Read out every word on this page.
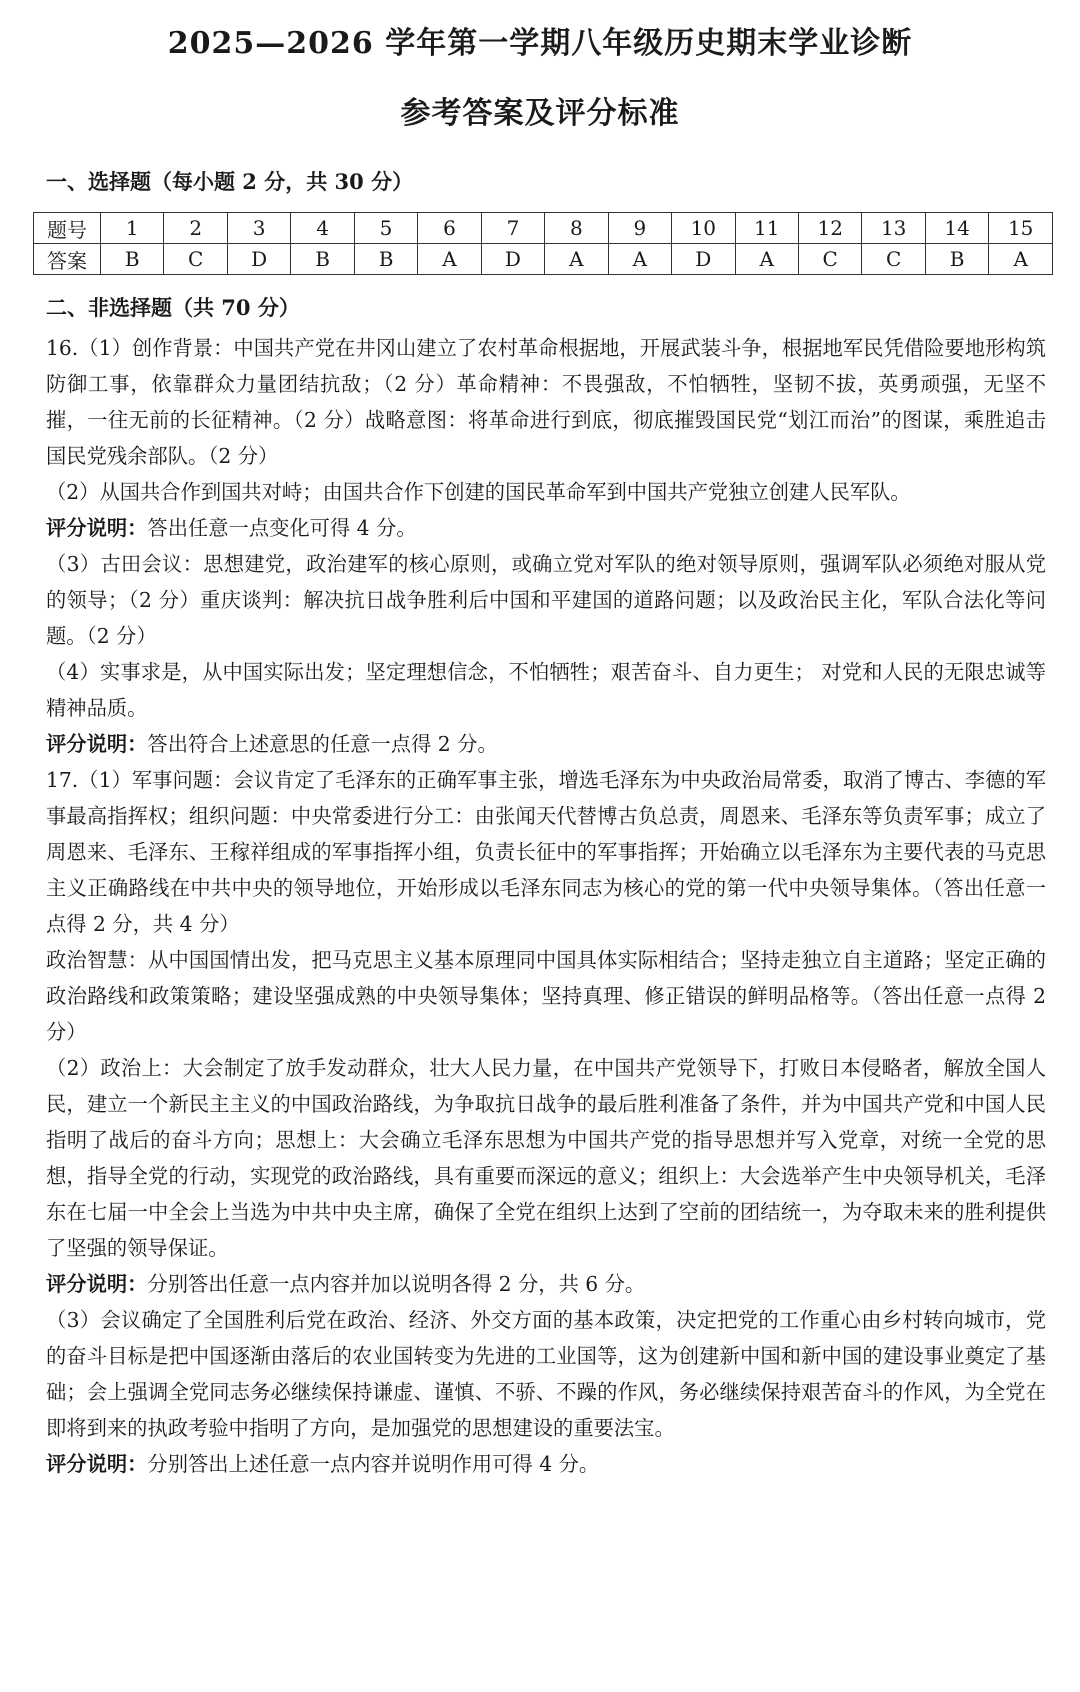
2025—2026 学年第一学期八年级历史期末学业诊断
参考答案及评分标准
一、选择题（每小题 2 分，共 30 分）
题号	1	2	3	4	5	6	7	8	9	10	11	12	13	14	15
答案	B	C	D	B	B	A	D	A	A	D	A	C	C	B	A
二、非选择题（共 70 分）

16.（1）创作背景：中国共产党在井冈山建立了农村革命根据地，开展武装斗争，根据地军民凭借险要地形构筑防御工事，依靠群众力量团结抗敌；（2 分）革命精神：不畏强敌，不怕牺牲，坚韧不拔，英勇顽强，无坚不摧，一往无前的长征精神。（2 分）战略意图：将革命进行到底，彻底摧毁国民党“划江而治”的图谋，乘胜追击国民党残余部队。（2 分）

（2）从国共合作到国共对峙；由国共合作下创建的国民革命军到中国共产党独立创建人民军队。

评分说明：答出任意一点变化可得 4 分。

（3）古田会议：思想建党，政治建军的核心原则，或确立党对军队的绝对领导原则，强调军队必须绝对服从党的领导；（2 分）重庆谈判：解决抗日战争胜利后中国和平建国的道路问题；以及政治民主化，军队合法化等问题。（2 分）

（4）实事求是，从中国实际出发；坚定理想信念，不怕牺牲；艰苦奋斗、自力更生； 对党和人民的无限忠诚等精神品质。

评分说明：答出符合上述意思的任意一点得 2 分。

17.（1）军事问题：会议肯定了毛泽东的正确军事主张，增选毛泽东为中央政治局常委，取消了博古、李德的军事最高指挥权；组织问题：中央常委进行分工：由张闻天代替博古负总责，周恩来、毛泽东等负责军事；成立了周恩来、毛泽东、王稼祥组成的军事指挥小组，负责长征中的军事指挥；开始确立以毛泽东为主要代表的马克思主义正确路线在中共中央的领导地位，开始形成以毛泽东同志为核心的党的第一代中央领导集体。（答出任意一点得 2 分，共 4 分）

政治智慧：从中国国情出发，把马克思主义基本原理同中国具体实际相结合；坚持走独立自主道路；坚定正确的政治路线和政策策略；建设坚强成熟的中央领导集体；坚持真理、修正错误的鲜明品格等。（答出任意一点得 2 分）

（2）政治上：大会制定了放手发动群众，壮大人民力量，在中国共产党领导下，打败日本侵略者，解放全国人民，建立一个新民主主义的中国政治路线，为争取抗日战争的最后胜利准备了条件，并为中国共产党和中国人民指明了战后的奋斗方向；思想上：大会确立毛泽东思想为中国共产党的指导思想并写入党章，对统一全党的思想，指导全党的行动，实现党的政治路线，具有重要而深远的意义；组织上：大会选举产生中央领导机关，毛泽东在七届一中全会上当选为中共中央主席，确保了全党在组织上达到了空前的团结统一，为夺取未来的胜利提供了坚强的领导保证。

评分说明：分别答出任意一点内容并加以说明各得 2 分，共 6 分。

（3）会议确定了全国胜利后党在政治、经济、外交方面的基本政策，决定把党的工作重心由乡村转向城市，党的奋斗目标是把中国逐渐由落后的农业国转变为先进的工业国等，这为创建新中国和新中国的建设事业奠定了基础；会上强调全党同志务必继续保持谦虚、谨慎、不骄、不躁的作风，务必继续保持艰苦奋斗的作风，为全党在即将到来的执政考验中指明了方向，是加强党的思想建设的重要法宝。

评分说明：分别答出上述任意一点内容并说明作用可得 4 分。
